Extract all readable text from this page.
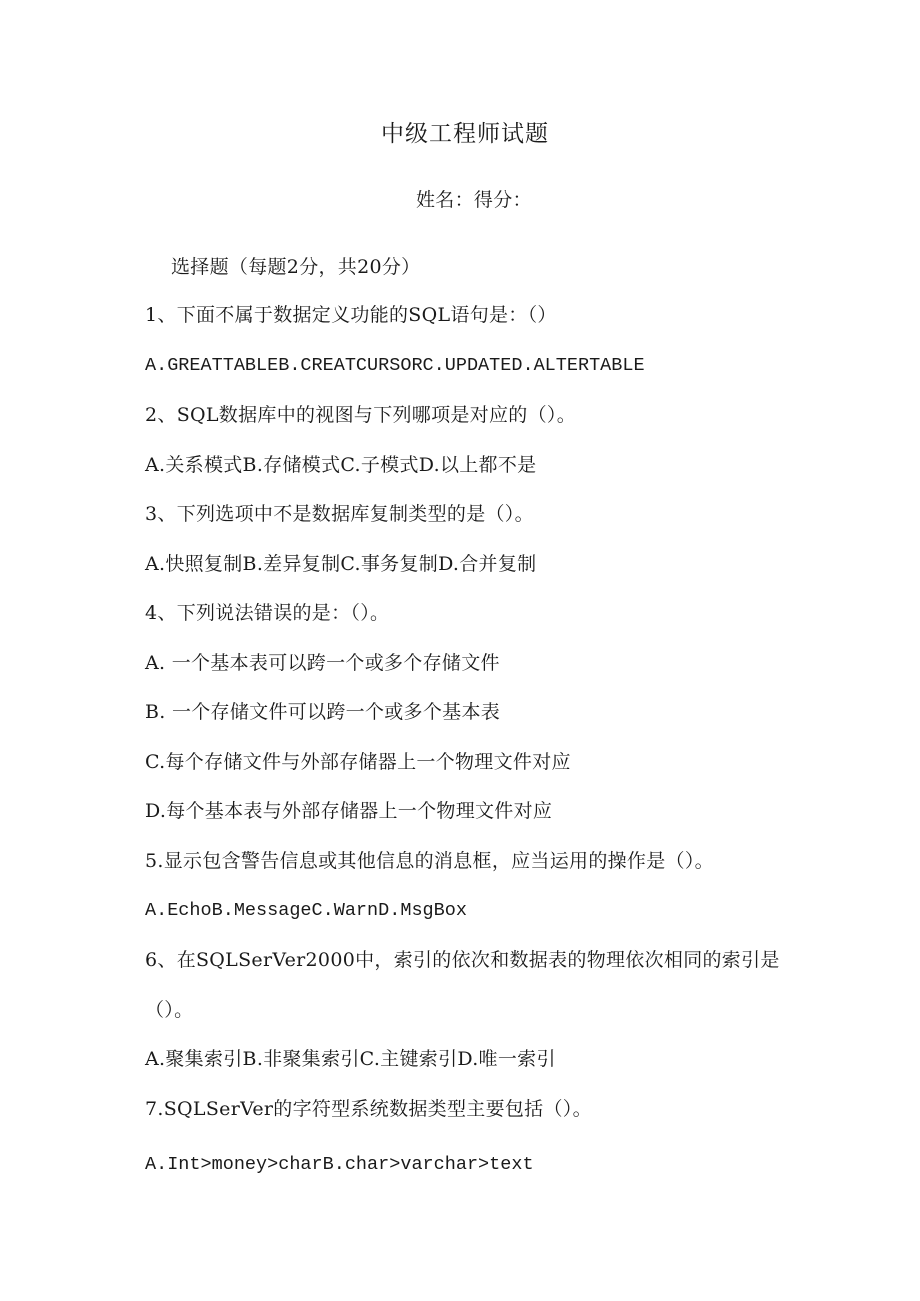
中级工程师试题
姓名：得分：
选择题（每题2分，共20分）
1、下面不属于数据定义功能的SQL语句是：（）
A.GREATTABLEB.CREATCURSORC.UPDATED.ALTERTABLE
2、SQL数据库中的视图与下列哪项是对应的（）。
A.关系模式B.存储模式C.子模式D.以上都不是
3、下列选项中不是数据库复制类型的是（）。
A.快照复制B.差异复制C.事务复制D.合并复制
4、下列说法错误的是：（）。
A. 一个基本表可以跨一个或多个存储文件
B. 一个存储文件可以跨一个或多个基本表
C.每个存储文件与外部存储器上一个物理文件对应
D.每个基本表与外部存储器上一个物理文件对应
5.显示包含警告信息或其他信息的消息框，应当运用的操作是（）。
A.EchoB.MessageC.WarnD.MsgBox
6、在SQLSerVer2000中，索引的依次和数据表的物理依次相同的索引是
（）。
A.聚集索引B.非聚集索引C.主键索引D.唯一索引
7.SQLSerVer的字符型系统数据类型主要包括（）。
A.Int>money>charB.char>varchar>text
